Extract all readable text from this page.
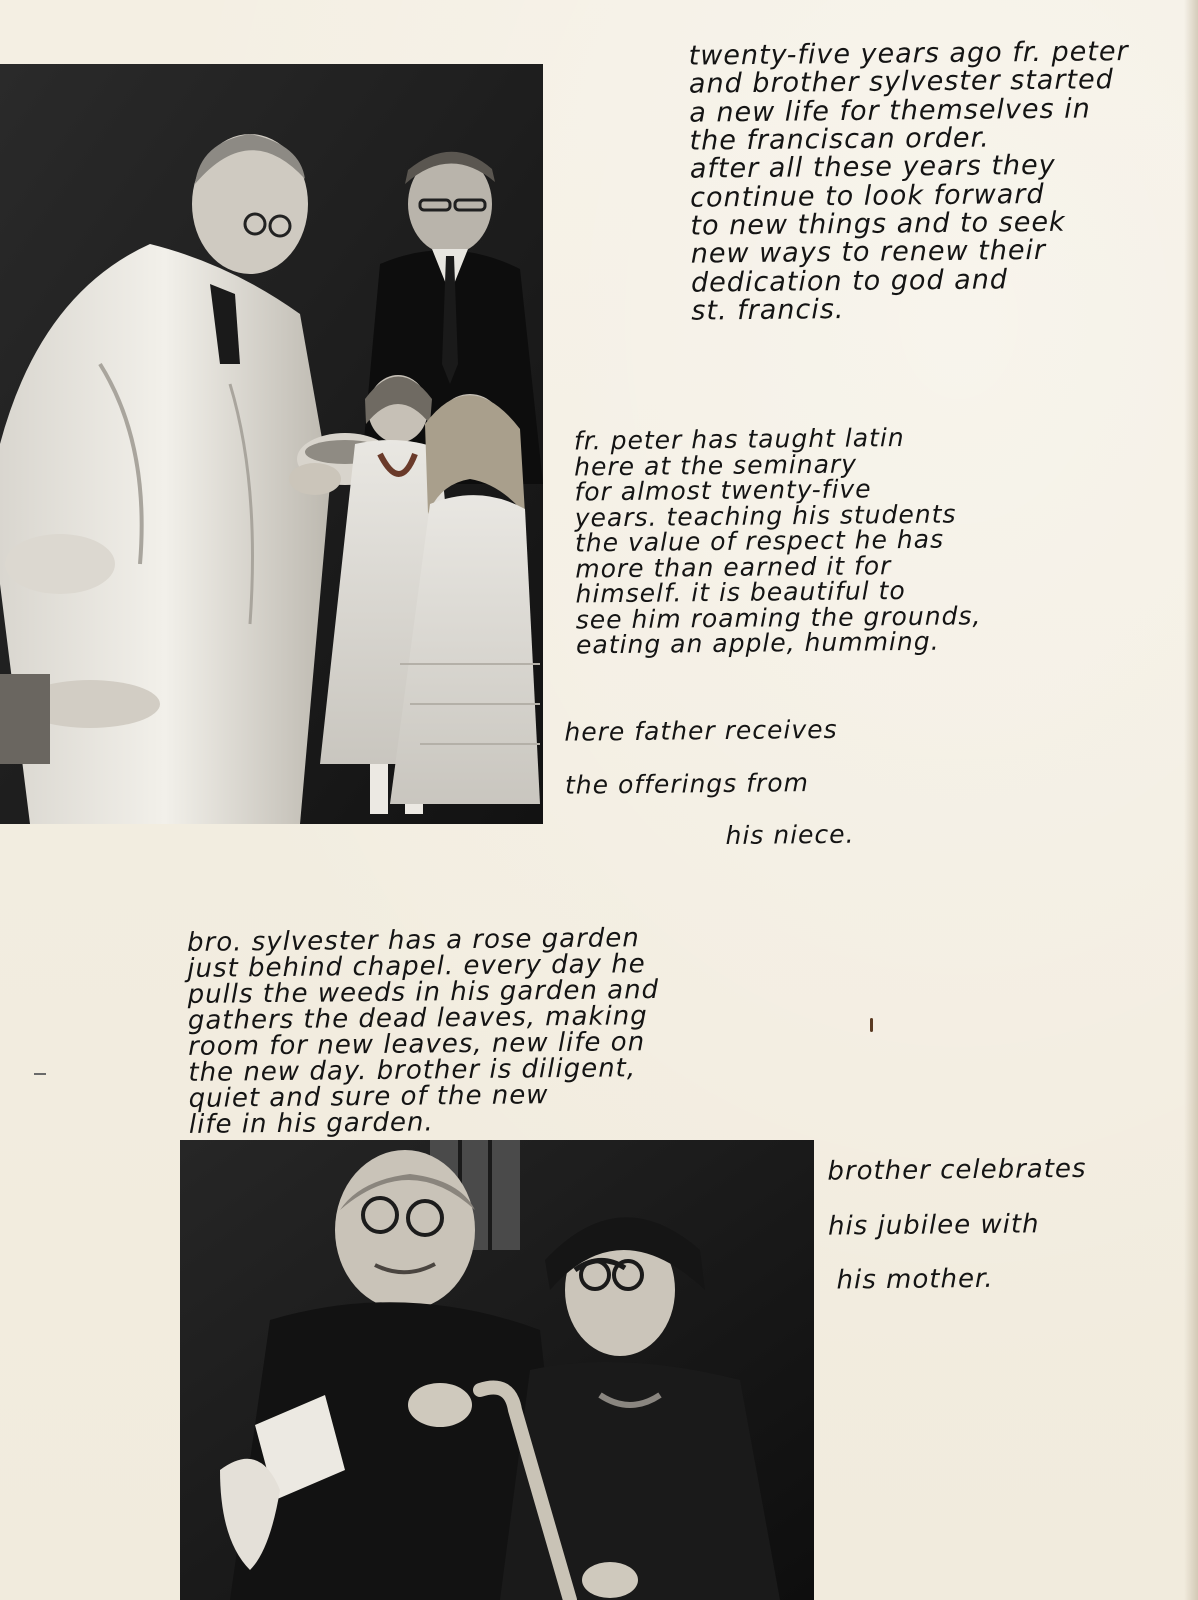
twenty-five years ago fr. peter
and brother sylvester started
a new life for themselves in
the franciscan order.
after all these years they
continue to look forward
to new things and to seek
new ways to renew their
dedication to god and
st. francis.

fr. peter has taught latin
here at the seminary
for almost twenty-five
years. teaching his students
the value of respect he has
more than earned it for
himself. it is beautiful to
see him roaming the grounds,
eating an apple, humming.

here father receives

the offerings from

his niece.

bro. sylvester has a rose garden
just behind chapel. every day he
pulls the weeds in his garden and
gathers the dead leaves, making
room for new leaves, new life on
the new day. brother is diligent,
quiet and sure of the new
life in his garden.

brother celebrates

his jubilee with

his mother.
